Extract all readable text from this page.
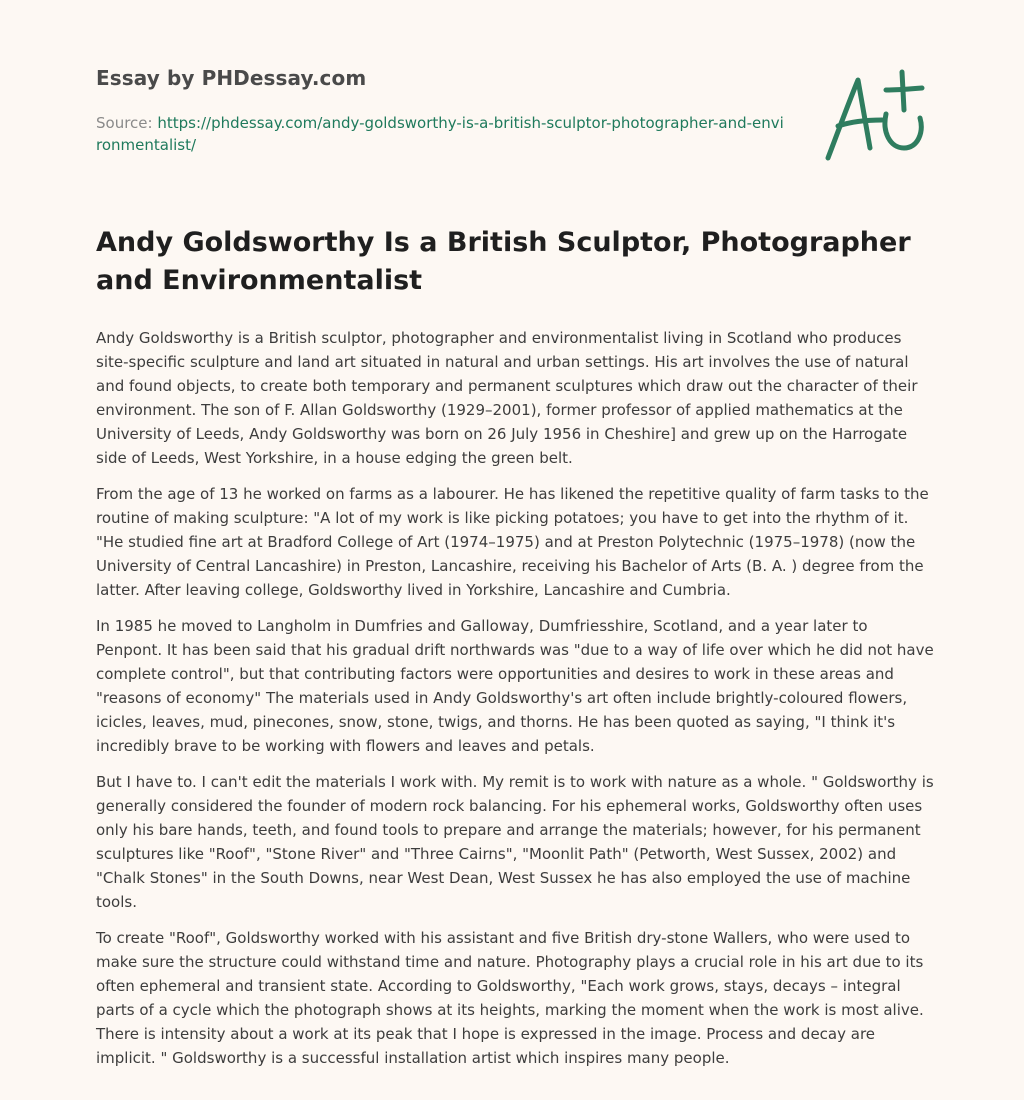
Essay by PHDessay.com
Source: https://phdessay.com/andy-goldsworthy-is-a-british-sculptor-photographer-and-environmentalist/
Andy Goldsworthy Is a British Sculptor, Photographer and Environmentalist

Andy Goldsworthy is a British sculptor, photographer and environmentalist living in Scotland who produces site-specific sculpture and land art situated in natural and urban settings. His art involves the use of natural and found objects, to create both temporary and permanent sculptures which draw out the character of their environment. The son of F. Allan Goldsworthy (1929–2001), former professor of applied mathematics at the University of Leeds, Andy Goldsworthy was born on 26 July 1956 in Cheshire] and grew up on the Harrogate side of Leeds, West Yorkshire, in a house edging the green belt.

From the age of 13 he worked on farms as a labourer. He has likened the repetitive quality of farm tasks to the routine of making sculpture: "A lot of my work is like picking potatoes; you have to get into the rhythm of it. "He studied fine art at Bradford College of Art (1974–1975) and at Preston Polytechnic (1975–1978) (now the University of Central Lancashire) in Preston, Lancashire, receiving his Bachelor of Arts (B. A. ) degree from the latter. After leaving college, Goldsworthy lived in Yorkshire, Lancashire and Cumbria.

In 1985 he moved to Langholm in Dumfries and Galloway, Dumfriesshire, Scotland, and a year later to Penpont. It has been said that his gradual drift northwards was "due to a way of life over which he did not have complete control", but that contributing factors were opportunities and desires to work in these areas and "reasons of economy" The materials used in Andy Goldsworthy's art often include brightly-coloured flowers, icicles, leaves, mud, pinecones, snow, stone, twigs, and thorns. He has been quoted as saying, "I think it's incredibly brave to be working with flowers and leaves and petals.

But I have to. I can't edit the materials I work with. My remit is to work with nature as a whole. " Goldsworthy is generally considered the founder of modern rock balancing. For his ephemeral works, Goldsworthy often uses only his bare hands, teeth, and found tools to prepare and arrange the materials; however, for his permanent sculptures like "Roof", "Stone River" and "Three Cairns", "Moonlit Path" (Petworth, West Sussex, 2002) and "Chalk Stones" in the South Downs, near West Dean, West Sussex he has also employed the use of machine tools.

To create "Roof", Goldsworthy worked with his assistant and five British dry-stone Wallers, who were used to make sure the structure could withstand time and nature. Photography plays a crucial role in his art due to its often ephemeral and transient state. According to Goldsworthy, "Each work grows, stays, decays – integral parts of a cycle which the photograph shows at its heights, marking the moment when the work is most alive. There is intensity about a work at its peak that I hope is expressed in the image. Process and decay are implicit. " Goldsworthy is a successful installation artist which inspires many people.
